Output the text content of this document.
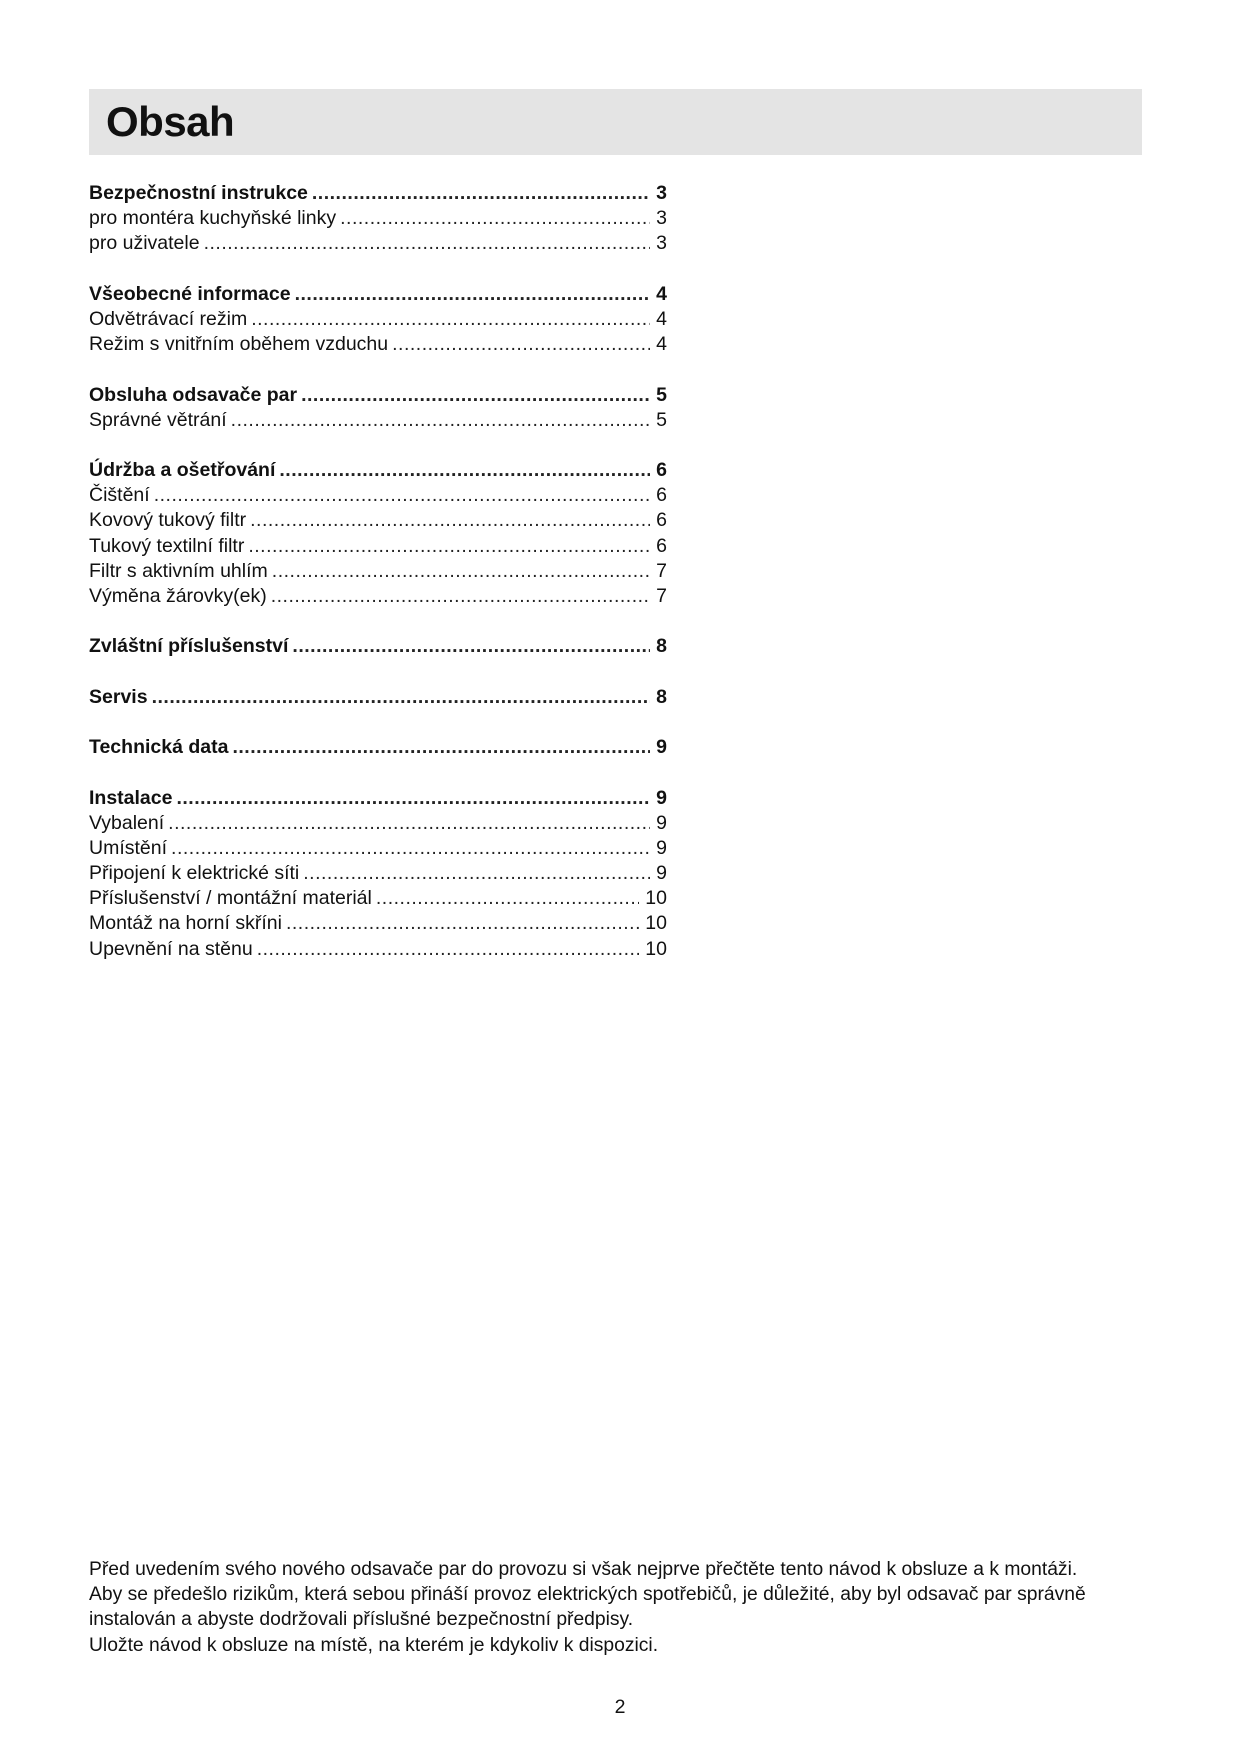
Obsah
Bezpečnostní instrukce .....	3
pro montéra kuchyňské linky .....	3
pro uživatele .....	3
Všeobecné informace .....	4
Odvětrávací režim .....	4
Režim s vnitřním oběhem vzduchu .....	4
Obsluha odsavače par .....	5
Správné větrání .....	5
Údržba a ošetřování .....	6
Čištění .....	6
Kovový tukový filtr .....	6
Tukový textilní filtr .....	6
Filtr s aktivním uhlím .....	7
Výměna žárovky(ek) .....	7
Zvláštní příslušenství .....	8
Servis .....	8
Technická data .....	9
Instalace .....	9
Vybalení .....	9
Umístění .....	9
Připojení k elektrické síti .....	9
Příslušenství / montážní materiál .....	10
Montáž na horní skříni .....	10
Upevnění na stěnu .....	10

Před uvedením svého nového odsavače par do provozu si však nejprve přečtěte tento návod k obsluze a k montáži.

Aby se předešlo rizikům, která sebou přináší provoz elektrických spotřebičů, je důležité, aby byl odsavač par správně instalován a abyste dodržovali příslušné bezpečnostní předpisy.

Uložte návod k obsluze na místě, na kterém je kdykoliv k dispozici.

2
